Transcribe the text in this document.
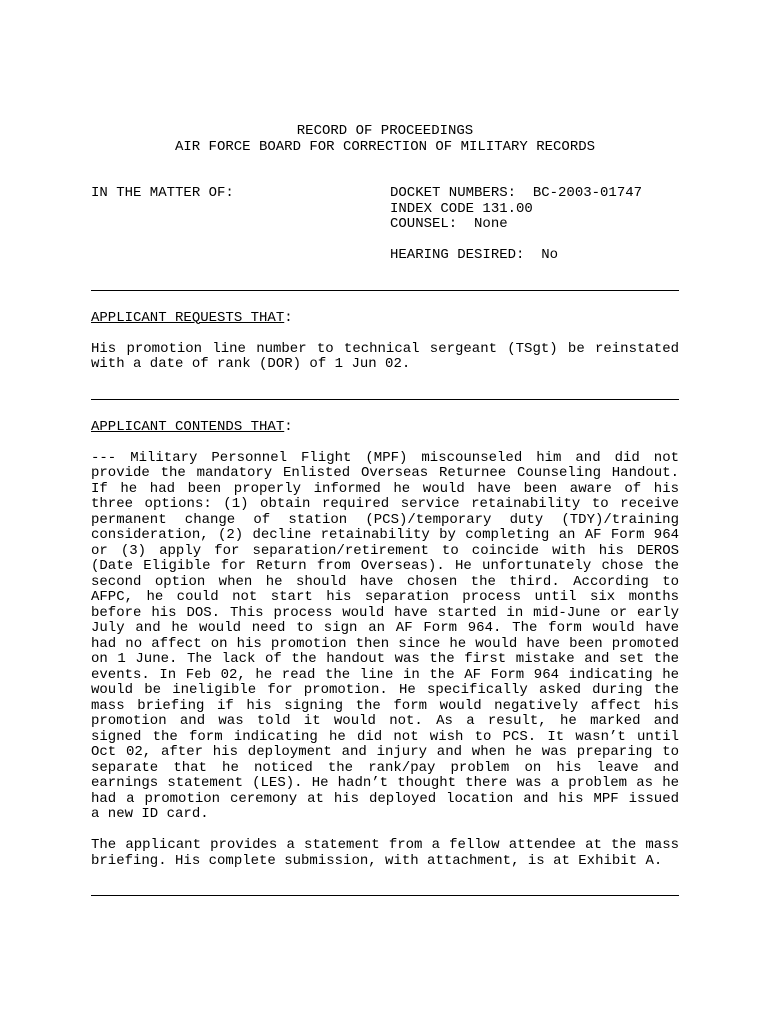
RECORD OF PROCEEDINGS
AIR FORCE BOARD FOR CORRECTION OF MILITARY RECORDS
IN THE MATTER OF:	DOCKET NUMBERS:  BC-2003-01747
INDEX CODE 131.00
COUNSEL:  None
HEARING DESIRED:  No
APPLICANT REQUESTS THAT:

His promotion line number to technical sergeant (TSgt) be reinstated with a date of rank (DOR) of 1 Jun 02.

APPLICANT CONTENDS THAT:

--- Military Personnel Flight (MPF) miscounseled him and did not provide the mandatory Enlisted Overseas Returnee Counseling Handout. If he had been properly informed he would have been aware of his three options: (1) obtain required service retainability to receive permanent change of station (PCS)/temporary duty (TDY)/training consideration, (2) decline retainability by completing an AF Form 964 or (3) apply for separation/retirement to coincide with his DEROS (Date Eligible for Return from Overseas). He unfortunately chose the second option when he should have chosen the third. According to AFPC, he could not start his separation process until six months before his DOS. This process would have started in mid-June or early July and he would need to sign an AF Form 964. The form would have had no affect on his promotion then since he would have been promoted on 1 June. The lack of the handout was the first mistake and set the events. In Feb 02, he read the line in the AF Form 964 indicating he would be ineligible for promotion. He specifically asked during the mass briefing if his signing the form would negatively affect his promotion and was told it would not. As a result, he marked and signed the form indicating he did not wish to PCS. It wasn’t until Oct 02, after his deployment and injury and when he was preparing to separate that he noticed the rank/pay problem on his leave and earnings statement (LES). He hadn’t thought there was a problem as he had a promotion ceremony at his deployed location and his MPF issued a new ID card.

The applicant provides a statement from a fellow attendee at the mass briefing. His complete submission, with attachment, is at Exhibit A.
